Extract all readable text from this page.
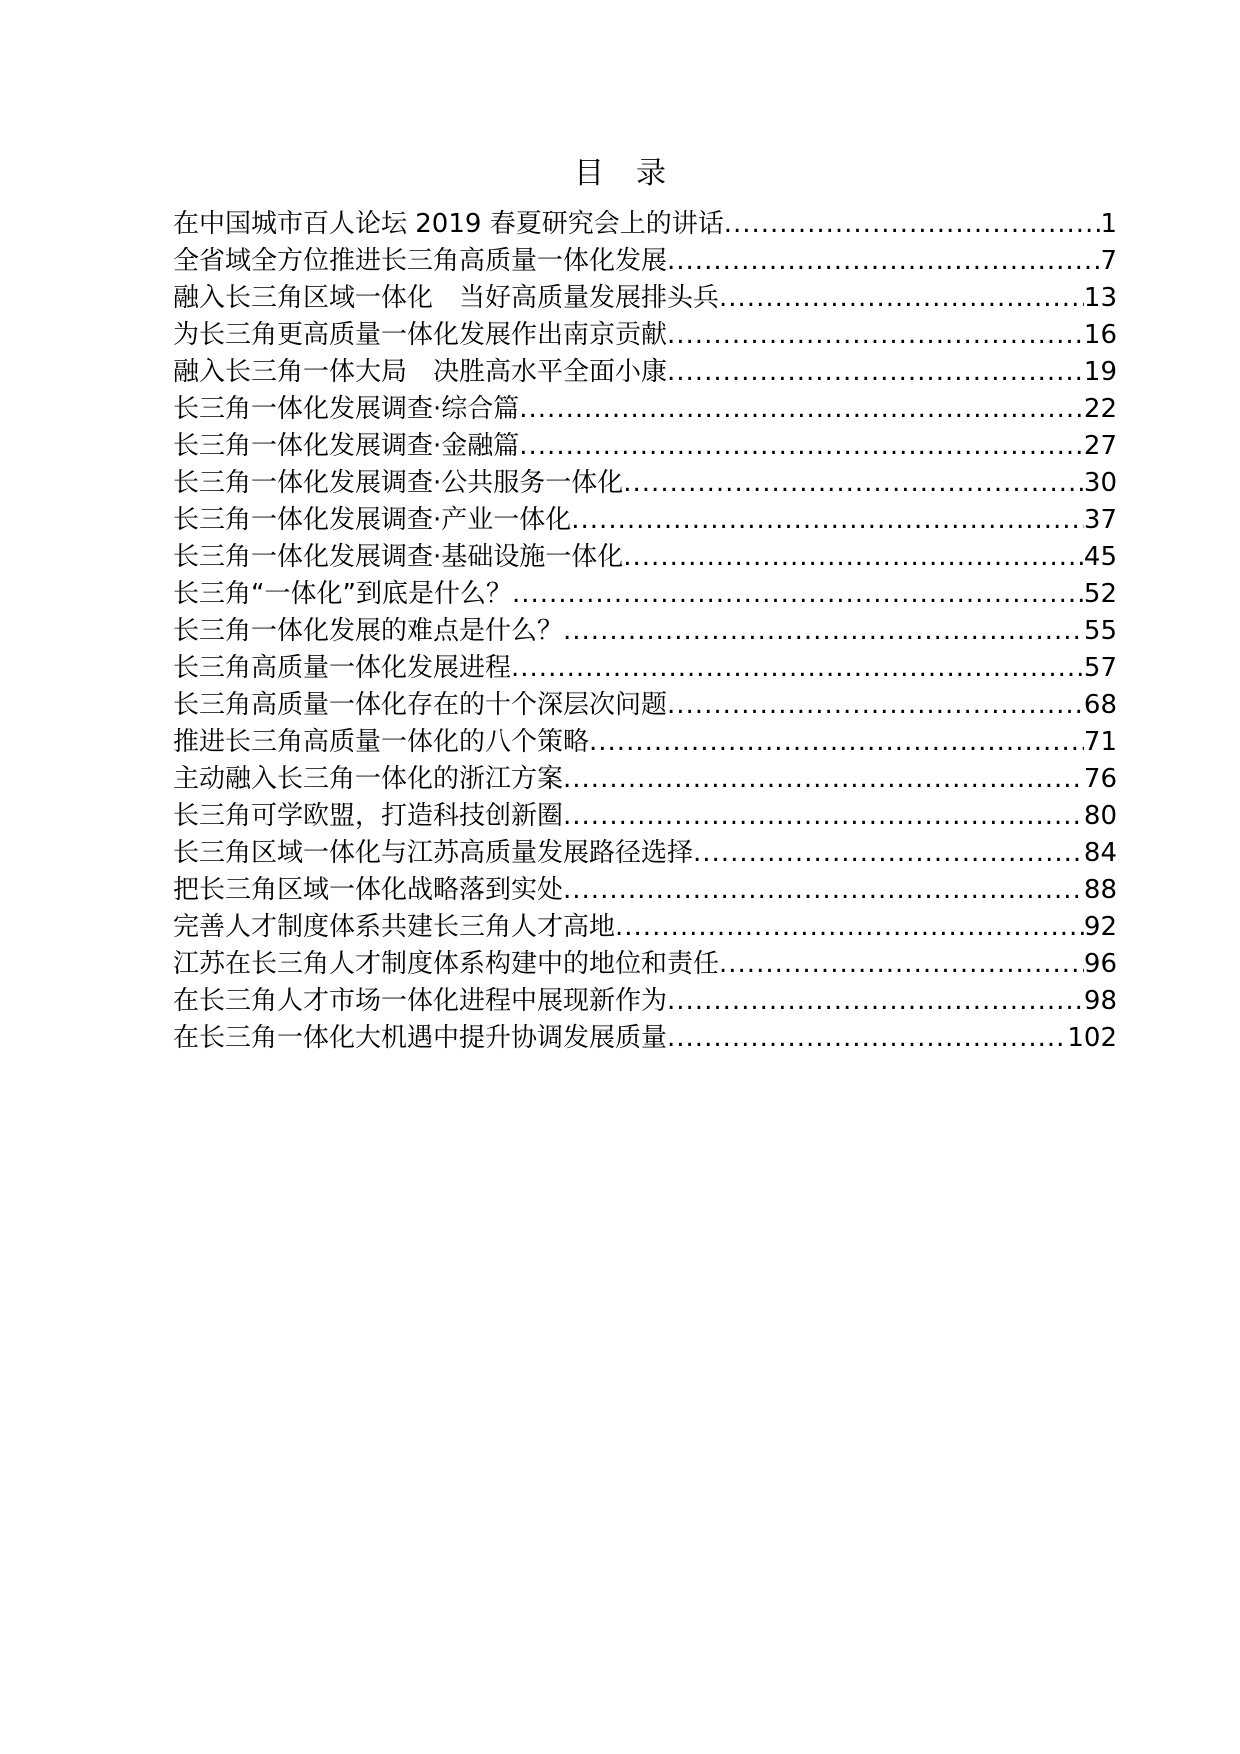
目录
在中国城市百人论坛 2019 春夏研究会上的讲话 .....	1
全省域全方位推进长三角高质量一体化发展 .....	7
融入长三角区域一体化　当好高质量发展排头兵 .....	13
为长三角更高质量一体化发展作出南京贡献 .....	16
融入长三角一体大局　决胜高水平全面小康 .....	19
长三角一体化发展调查·综合篇 .....	22
长三角一体化发展调查·金融篇 .....	27
长三角一体化发展调查·公共服务一体化 .....	30
长三角一体化发展调查·产业一体化 .....	37
长三角一体化发展调查·基础设施一体化 .....	45
长三角“一体化”到底是什么？ .....	52
长三角一体化发展的难点是什么？ .....	55
长三角高质量一体化发展进程 .....	57
长三角高质量一体化存在的十个深层次问题 .....	68
推进长三角高质量一体化的八个策略 .....	71
主动融入长三角一体化的浙江方案 .....	76
长三角可学欧盟，打造科技创新圈 .....	80
长三角区域一体化与江苏高质量发展路径选择 .....	84
把长三角区域一体化战略落到实处 .....	88
完善人才制度体系共建长三角人才高地 .....	92
江苏在长三角人才制度体系构建中的地位和责任 .....	96
在长三角人才市场一体化进程中展现新作为 .....	98
在长三角一体化大机遇中提升协调发展质量 .....	102
